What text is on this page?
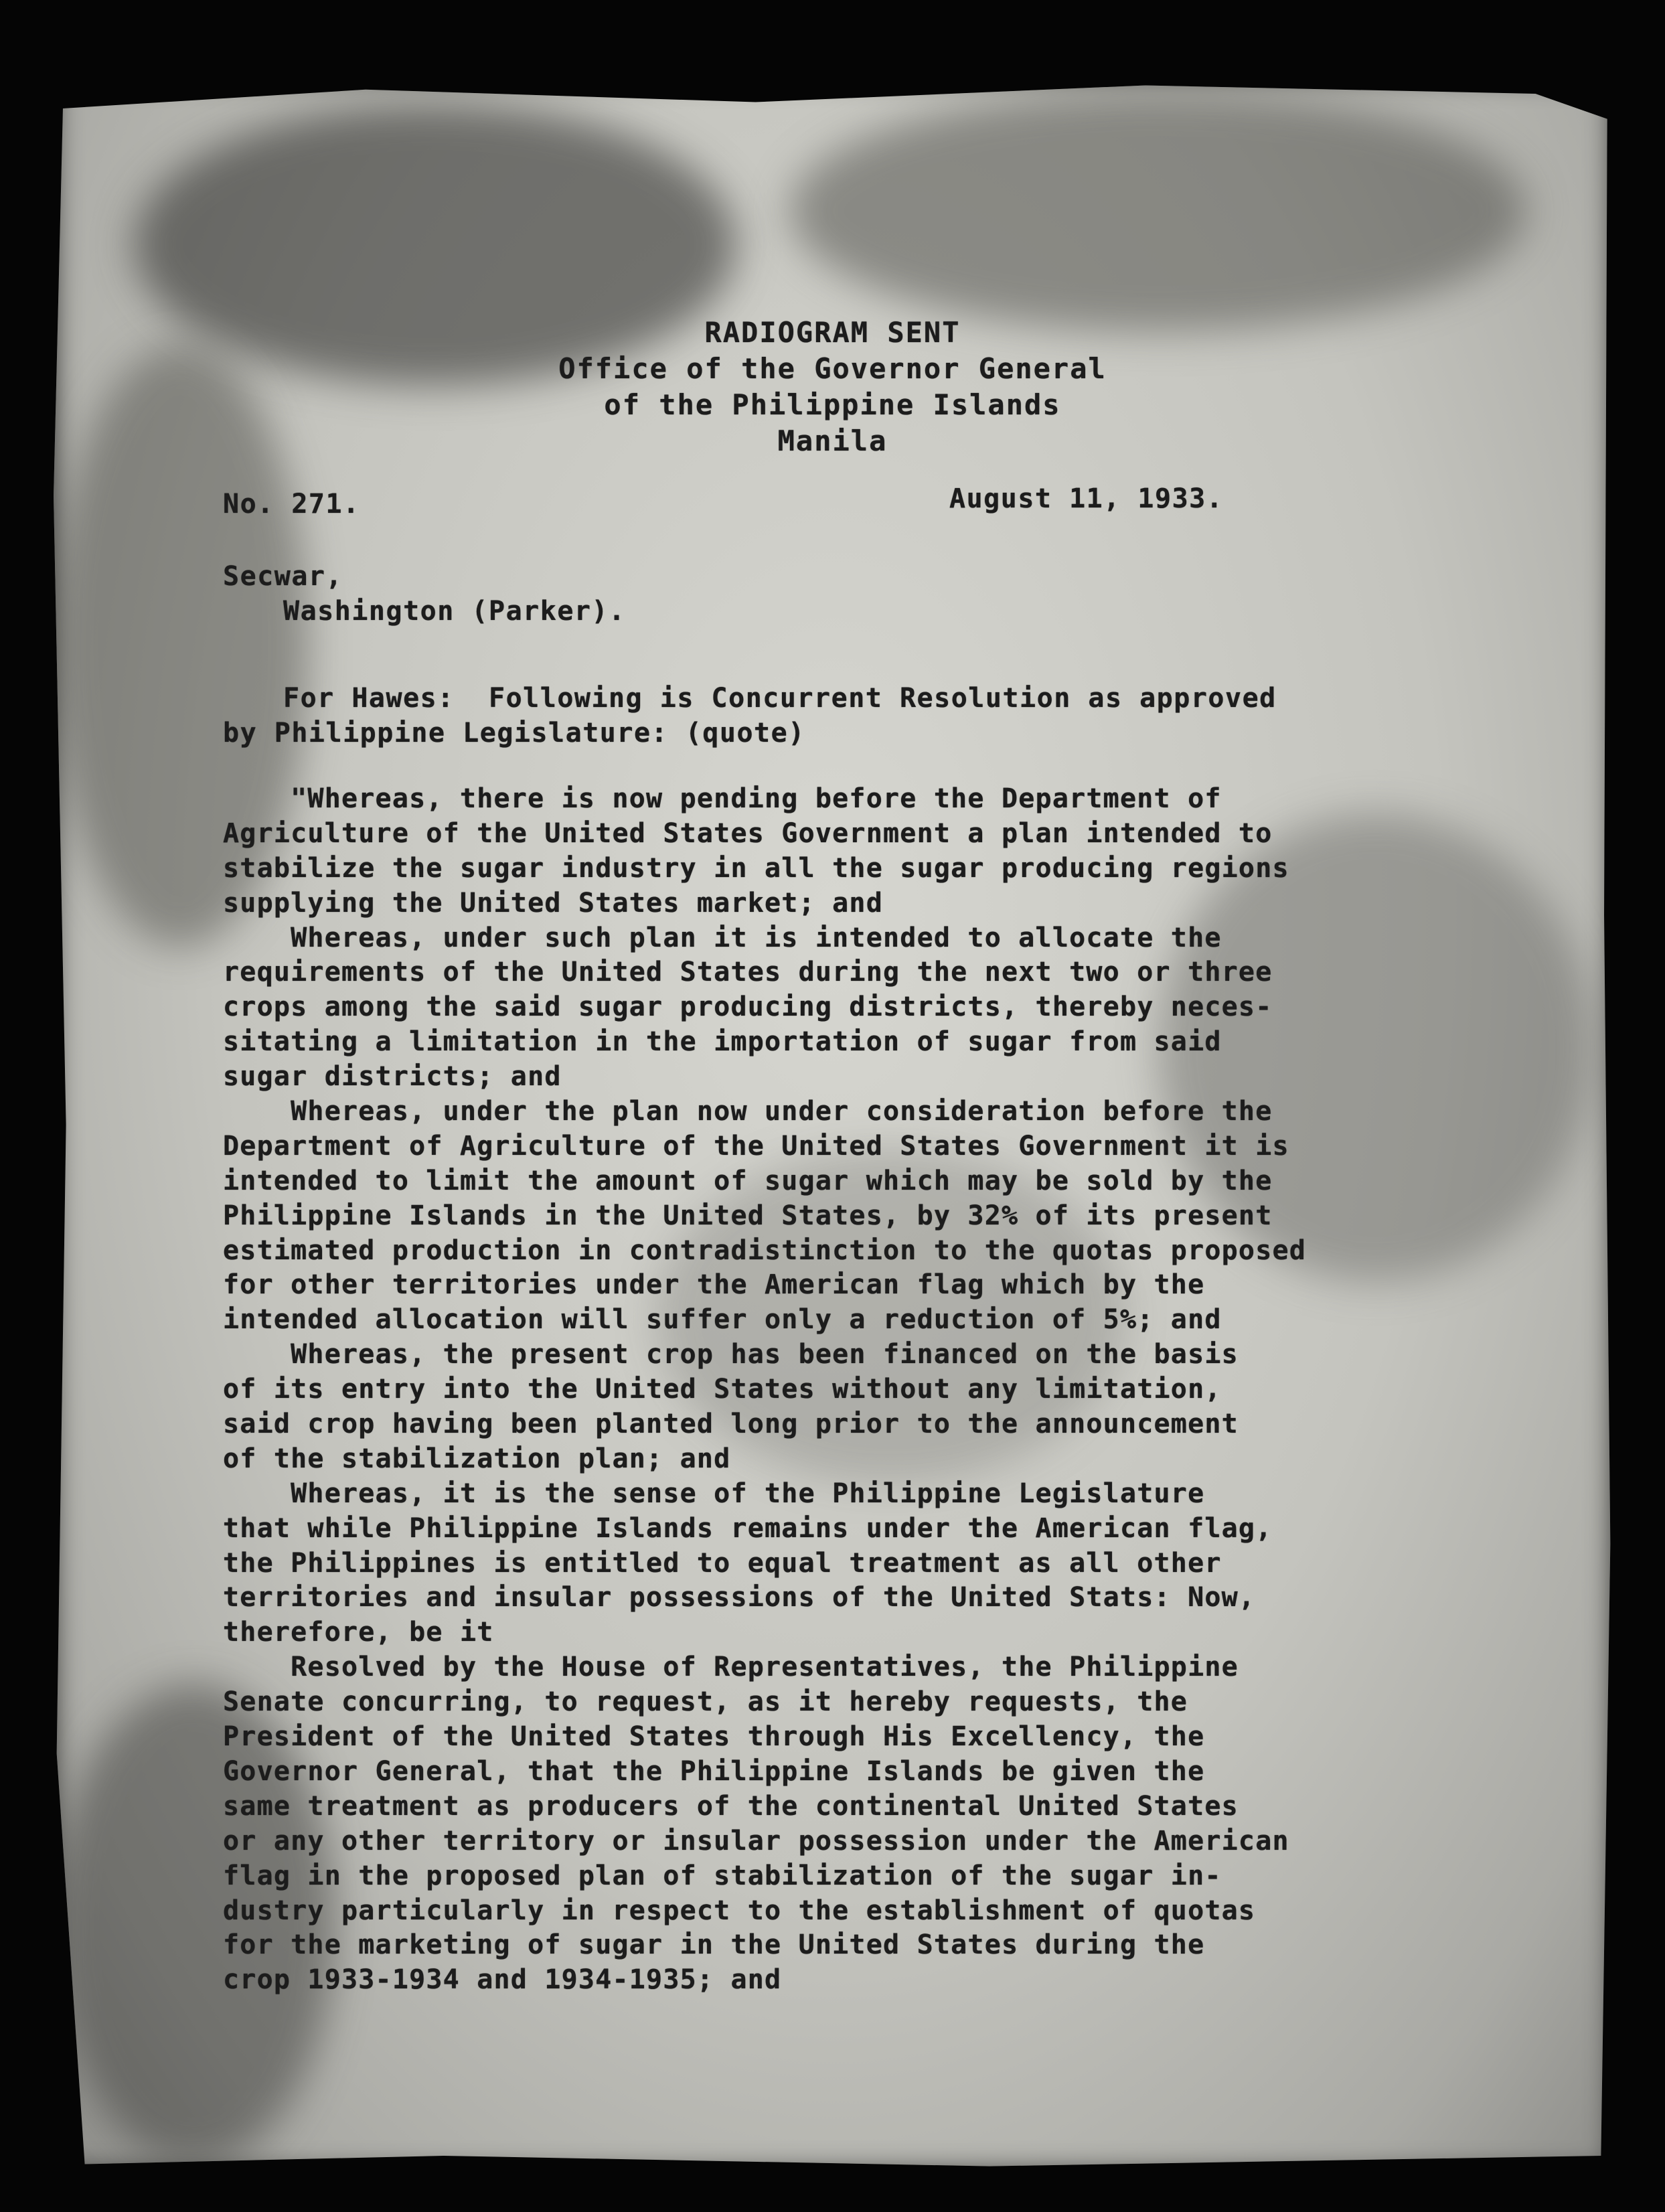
RADIOGRAM SENT
Office of the Governor General
of the Philippine Islands
Manila
No. 271.	August 11, 1933.
Secwar,
Washington (Parker).
For Hawes:  Following is Concurrent Resolution as approved
by Philippine Legislature: (quote)
"Whereas, there is now pending before the Department of
Agriculture of the United States Government a plan intended to
stabilize the sugar industry in all the sugar producing regions
supplying the United States market; and
Whereas, under such plan it is intended to allocate the
requirements of the United States during the next two or three
crops among the said sugar producing districts, thereby neces-
sitating a limitation in the importation of sugar from said
sugar districts; and
Whereas, under the plan now under consideration before the
Department of Agriculture of the United States Government it is
intended to limit the amount of sugar which may be sold by the
Philippine Islands in the United States, by 32% of its present
estimated production in contradistinction to the quotas proposed
for other territories under the American flag which by the
intended allocation will suffer only a reduction of 5%; and
Whereas, the present crop has been financed on the basis
of its entry into the United States without any limitation,
said crop having been planted long prior to the announcement
of the stabilization plan; and
Whereas, it is the sense of the Philippine Legislature
that while Philippine Islands remains under the American flag,
the Philippines is entitled to equal treatment as all other
territories and insular possessions of the United Stats: Now,
therefore, be it
Resolved by the House of Representatives, the Philippine
Senate concurring, to request, as it hereby requests, the
President of the United States through His Excellency, the
Governor General, that the Philippine Islands be given the
same treatment as producers of the continental United States
or any other territory or insular possession under the American
flag in the proposed plan of stabilization of the sugar in-
dustry particularly in respect to the establishment of quotas
for the marketing of sugar in the United States during the
crop 1933-1934 and 1934-1935; and
